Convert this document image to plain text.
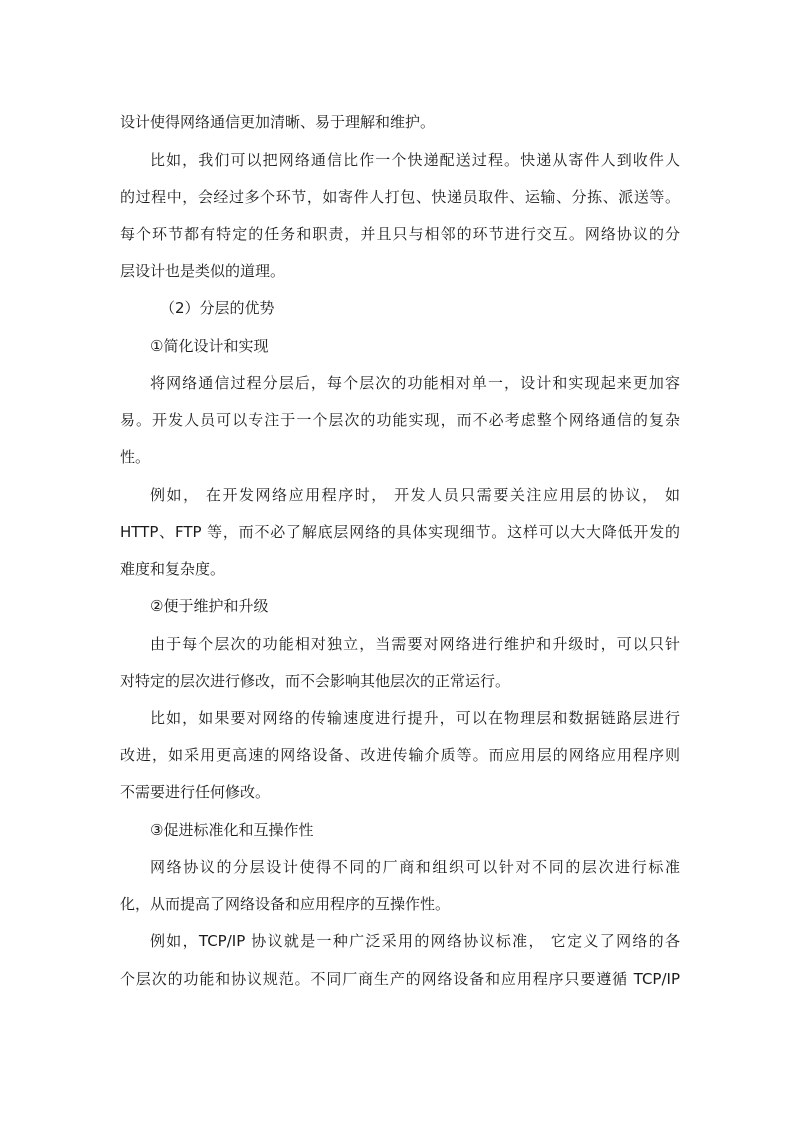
设计使得网络通信更加清晰、易于理解和维护。
比如，我们可以把网络通信比作一个快递配送过程。快递从寄件人到收件人
的过程中，会经过多个环节，如寄件人打包、快递员取件、运输、分拣、派送等。
每个环节都有特定的任务和职责，并且只与相邻的环节进行交互。网络协议的分
层设计也是类似的道理。
（2）分层的优势
①简化设计和实现
将网络通信过程分层后，每个层次的功能相对单一，设计和实现起来更加容
易。开发人员可以专注于一个层次的功能实现，而不必考虑整个网络通信的复杂
性。
例如， 在开发网络应用程序时， 开发人员只需要关注应用层的协议， 如
HTTP、FTP 等，而不必了解底层网络的具体实现细节。这样可以大大降低开发的
难度和复杂度。
②便于维护和升级
由于每个层次的功能相对独立，当需要对网络进行维护和升级时，可以只针
对特定的层次进行修改，而不会影响其他层次的正常运行。
比如，如果要对网络的传输速度进行提升，可以在物理层和数据链路层进行
改进，如采用更高速的网络设备、改进传输介质等。而应用层的网络应用程序则
不需要进行任何修改。
③促进标准化和互操作性
网络协议的分层设计使得不同的厂商和组织可以针对不同的层次进行标准
化，从而提高了网络设备和应用程序的互操作性。
例如，TCP/IP 协议就是一种广泛采用的网络协议标准， 它定义了网络的各
个层次的功能和协议规范。不同厂商生产的网络设备和应用程序只要遵循 TCP/IP
